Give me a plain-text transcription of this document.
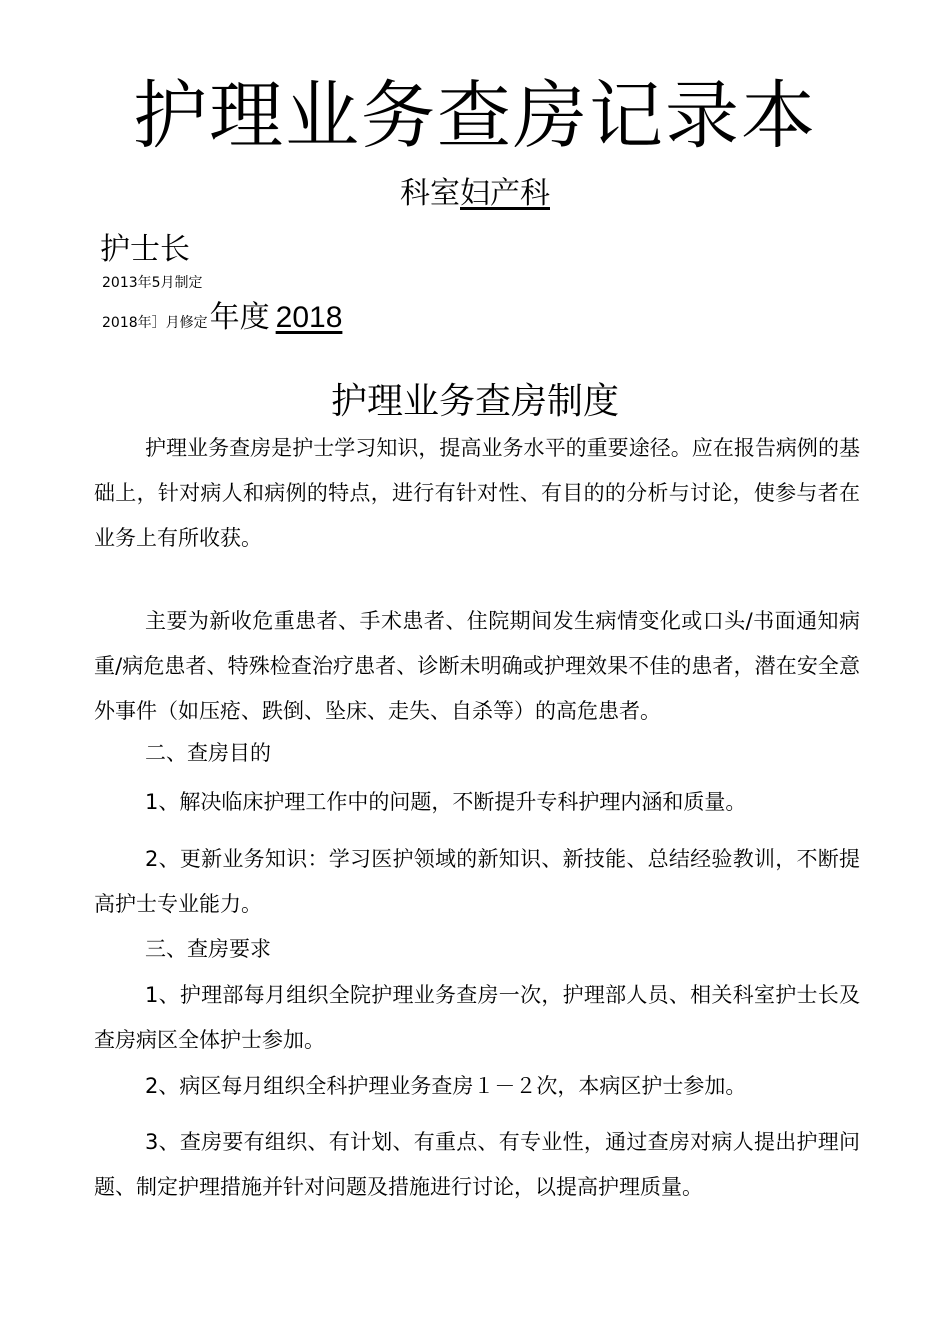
护理业务查房记录本
科室妇产科
护士长
2013年5月制定
2018年］月修定 年度 2018
护理业务查房制度

护理业务查房是护士学习知识，提高业务水平的重要途径。应在报告病例的基础上，针对病人和病例的特点，进行有针对性、有目的的分析与讨论，使参与者在业务上有所收获。

主要为新收危重患者、手术患者、住院期间发生病情变化或口头/书面通知病重/病危患者、特殊检查治疗患者、诊断未明确或护理效果不佳的患者，潜在安全意外事件（如压疮、跌倒、坠床、走失、自杀等）的高危患者。

二、查房目的

1、解决临床护理工作中的问题，不断提升专科护理内涵和质量。

2、更新业务知识：学习医护领域的新知识、新技能、总结经验教训，不断提高护士专业能力。

三、查房要求

1、护理部每月组织全院护理业务查房一次，护理部人员、相关科室护士长及查房病区全体护士参加。

2、病区每月组织全科护理业务查房１－２次，本病区护士参加。

3、查房要有组织、有计划、有重点、有专业性，通过查房对病人提出护理问题、制定护理措施并针对问题及措施进行讨论，以提高护理质量。
